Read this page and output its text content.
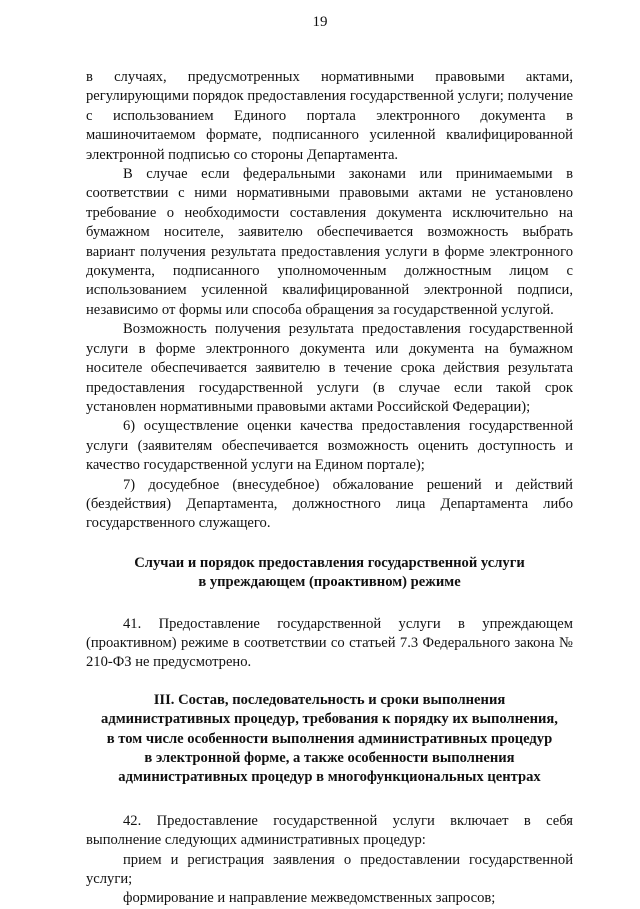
19

в случаях, предусмотренных нормативными правовыми актами, регулирующими порядок предоставления государственной услуги; получение с использованием Единого портала электронного документа в машиночитаемом формате, подписанного усиленной квалифицированной электронной подписью со стороны Департамента.

В случае если федеральными законами или принимаемыми в соответствии с ними нормативными правовыми актами не установлено требование о необходимости составления документа исключительно на бумажном носителе, заявителю обеспечивается возможность выбрать вариант получения результата предоставления услуги в форме электронного документа, подписанного уполномоченным должностным лицом с использованием усиленной квалифицированной электронной подписи, независимо от формы или способа обращения за государственной услугой.

Возможность получения результата предоставления государственной услуги в форме электронного документа или документа на бумажном носителе обеспечивается заявителю в течение срока действия результата предоставления государственной услуги (в случае если такой срок установлен нормативными правовыми актами Российской Федерации);

6) осуществление оценки качества предоставления государственной услуги (заявителям обеспечивается возможность оценить доступность и качество государственной услуги на Едином портале);

7) досудебное (внесудебное) обжалование решений и действий (бездействия) Департамента, должностного лица Департамента либо государственного служащего.

Случаи и порядок предоставления государственной услуги
в упреждающем (проактивном) режиме

41. Предоставление государственной услуги в упреждающем (проактивном) режиме в соответствии со статьей 7.3 Федерального закона № 210-ФЗ не предусмотрено.

III. Состав, последовательность и сроки выполнения
административных процедур, требования к порядку их выполнения,
в том числе особенности выполнения административных процедур
в электронной форме, а также особенности выполнения
административных процедур в многофункциональных центрах

42. Предоставление государственной услуги включает в себя выполнение следующих административных процедур:

прием и регистрация заявления о предоставлении государственной услуги;

формирование и направление межведомственных запросов;
